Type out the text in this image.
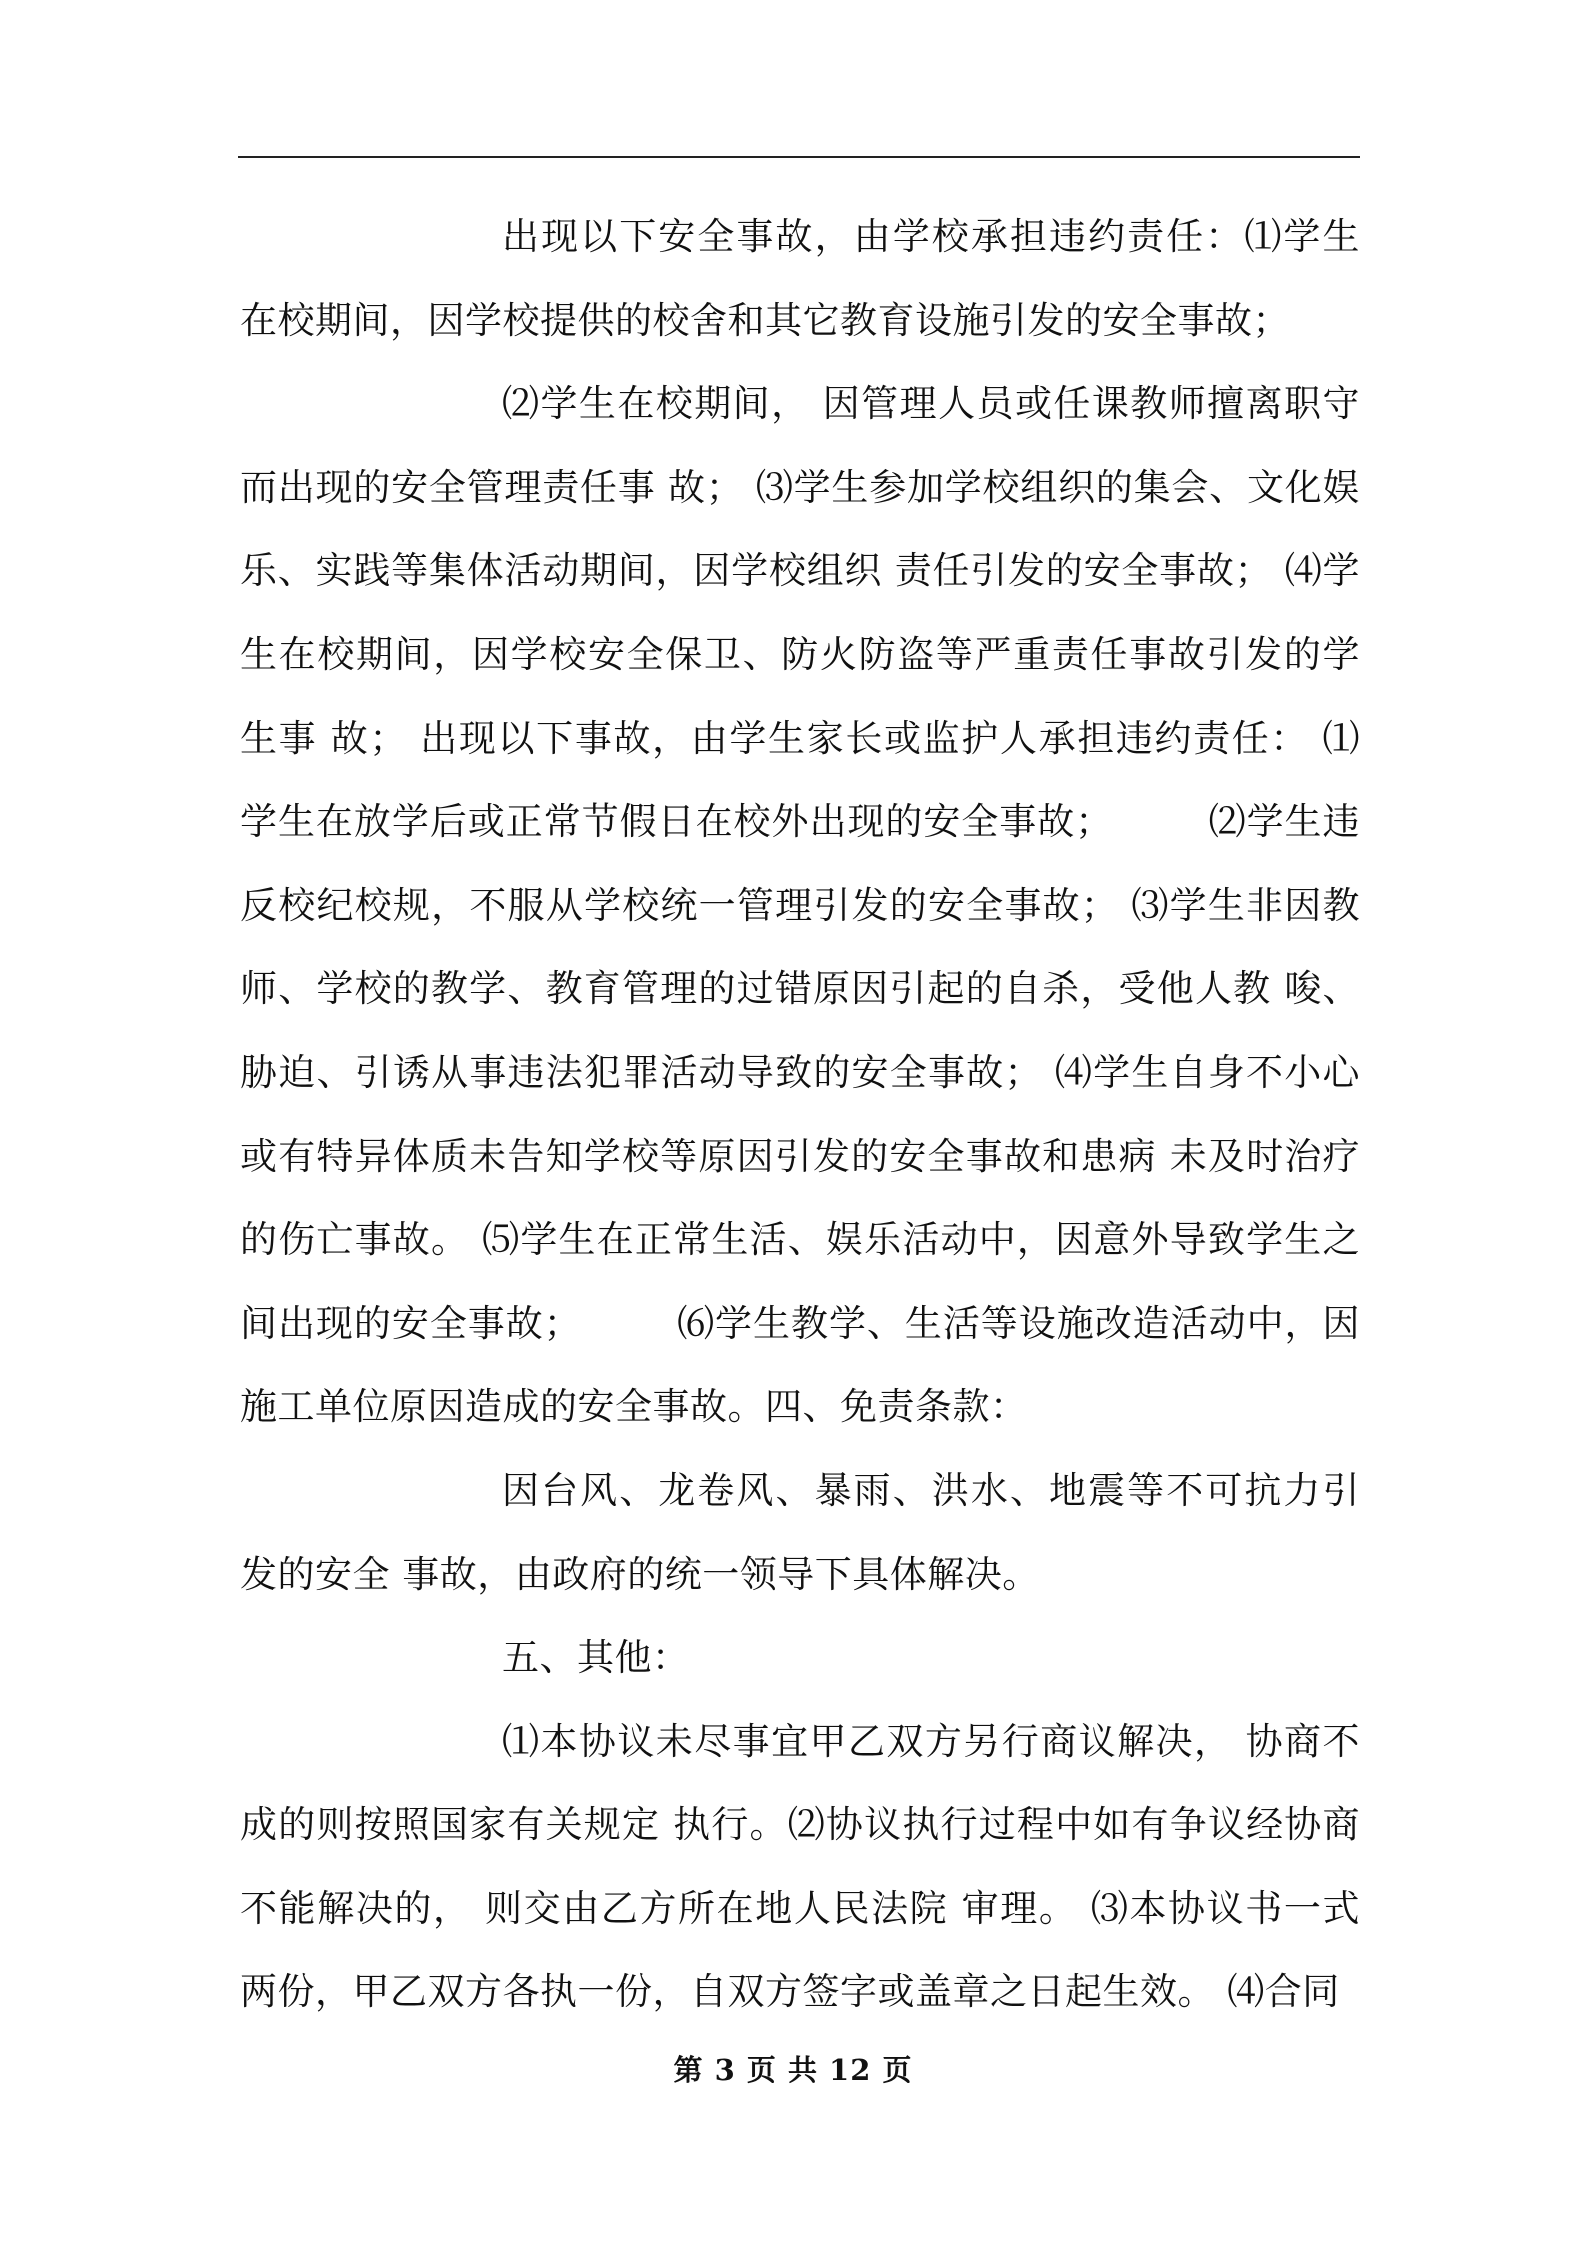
出现以下安全事故，由学校承担违约责任：⑴学生在校期间，因学校提供的校舍和其它教育设施引发的安全事故；

⑵学生在校期间， 因管理人员或任课教师擅离职守而出现的安全管理责任事 故； ⑶学生参加学校组织的集会、文化娱乐、实践等集体活动期间，因学校组织 责任引发的安全事故； ⑷学生在校期间，因学校安全保卫、防火防盗等严重责任事故引发的学生事 故； 出现以下事故，由学生家长或监护人承担违约责任： ⑴学生在放学后或正常节假日在校外出现的安全事故；　　　⑵学生违反校纪校规，不服从学校统一管理引发的安全事故； ⑶学生非因教师、学校的教学、教育管理的过错原因引起的自杀，受他人教 唆、胁迫、引诱从事违法犯罪活动导致的安全事故； ⑷学生自身不小心或有特异体质未告知学校等原因引发的安全事故和患病 未及时治疗的伤亡事故。 ⑸学生在正常生活、娱乐活动中，因意外导致学生之间出现的安全事故；　　　⑹学生教学、生活等设施改造活动中，因施工单位原因造成的安全事故。四、免责条款：

因台风、龙卷风、暴雨、洪水、地震等不可抗力引发的安全 事故，由政府的统一领导下具体解决。

五、其他：

⑴本协议未尽事宜甲乙双方另行商议解决， 协商不成的则按照国家有关规定 执行。⑵协议执行过程中如有争议经协商不能解决的， 则交由乙方所在地人民法院 审理。 ⑶本协议书一式两份，甲乙双方各执一份，自双方签字或盖章之日起生效。 ⑷合同

第 3 页 共 12 页
